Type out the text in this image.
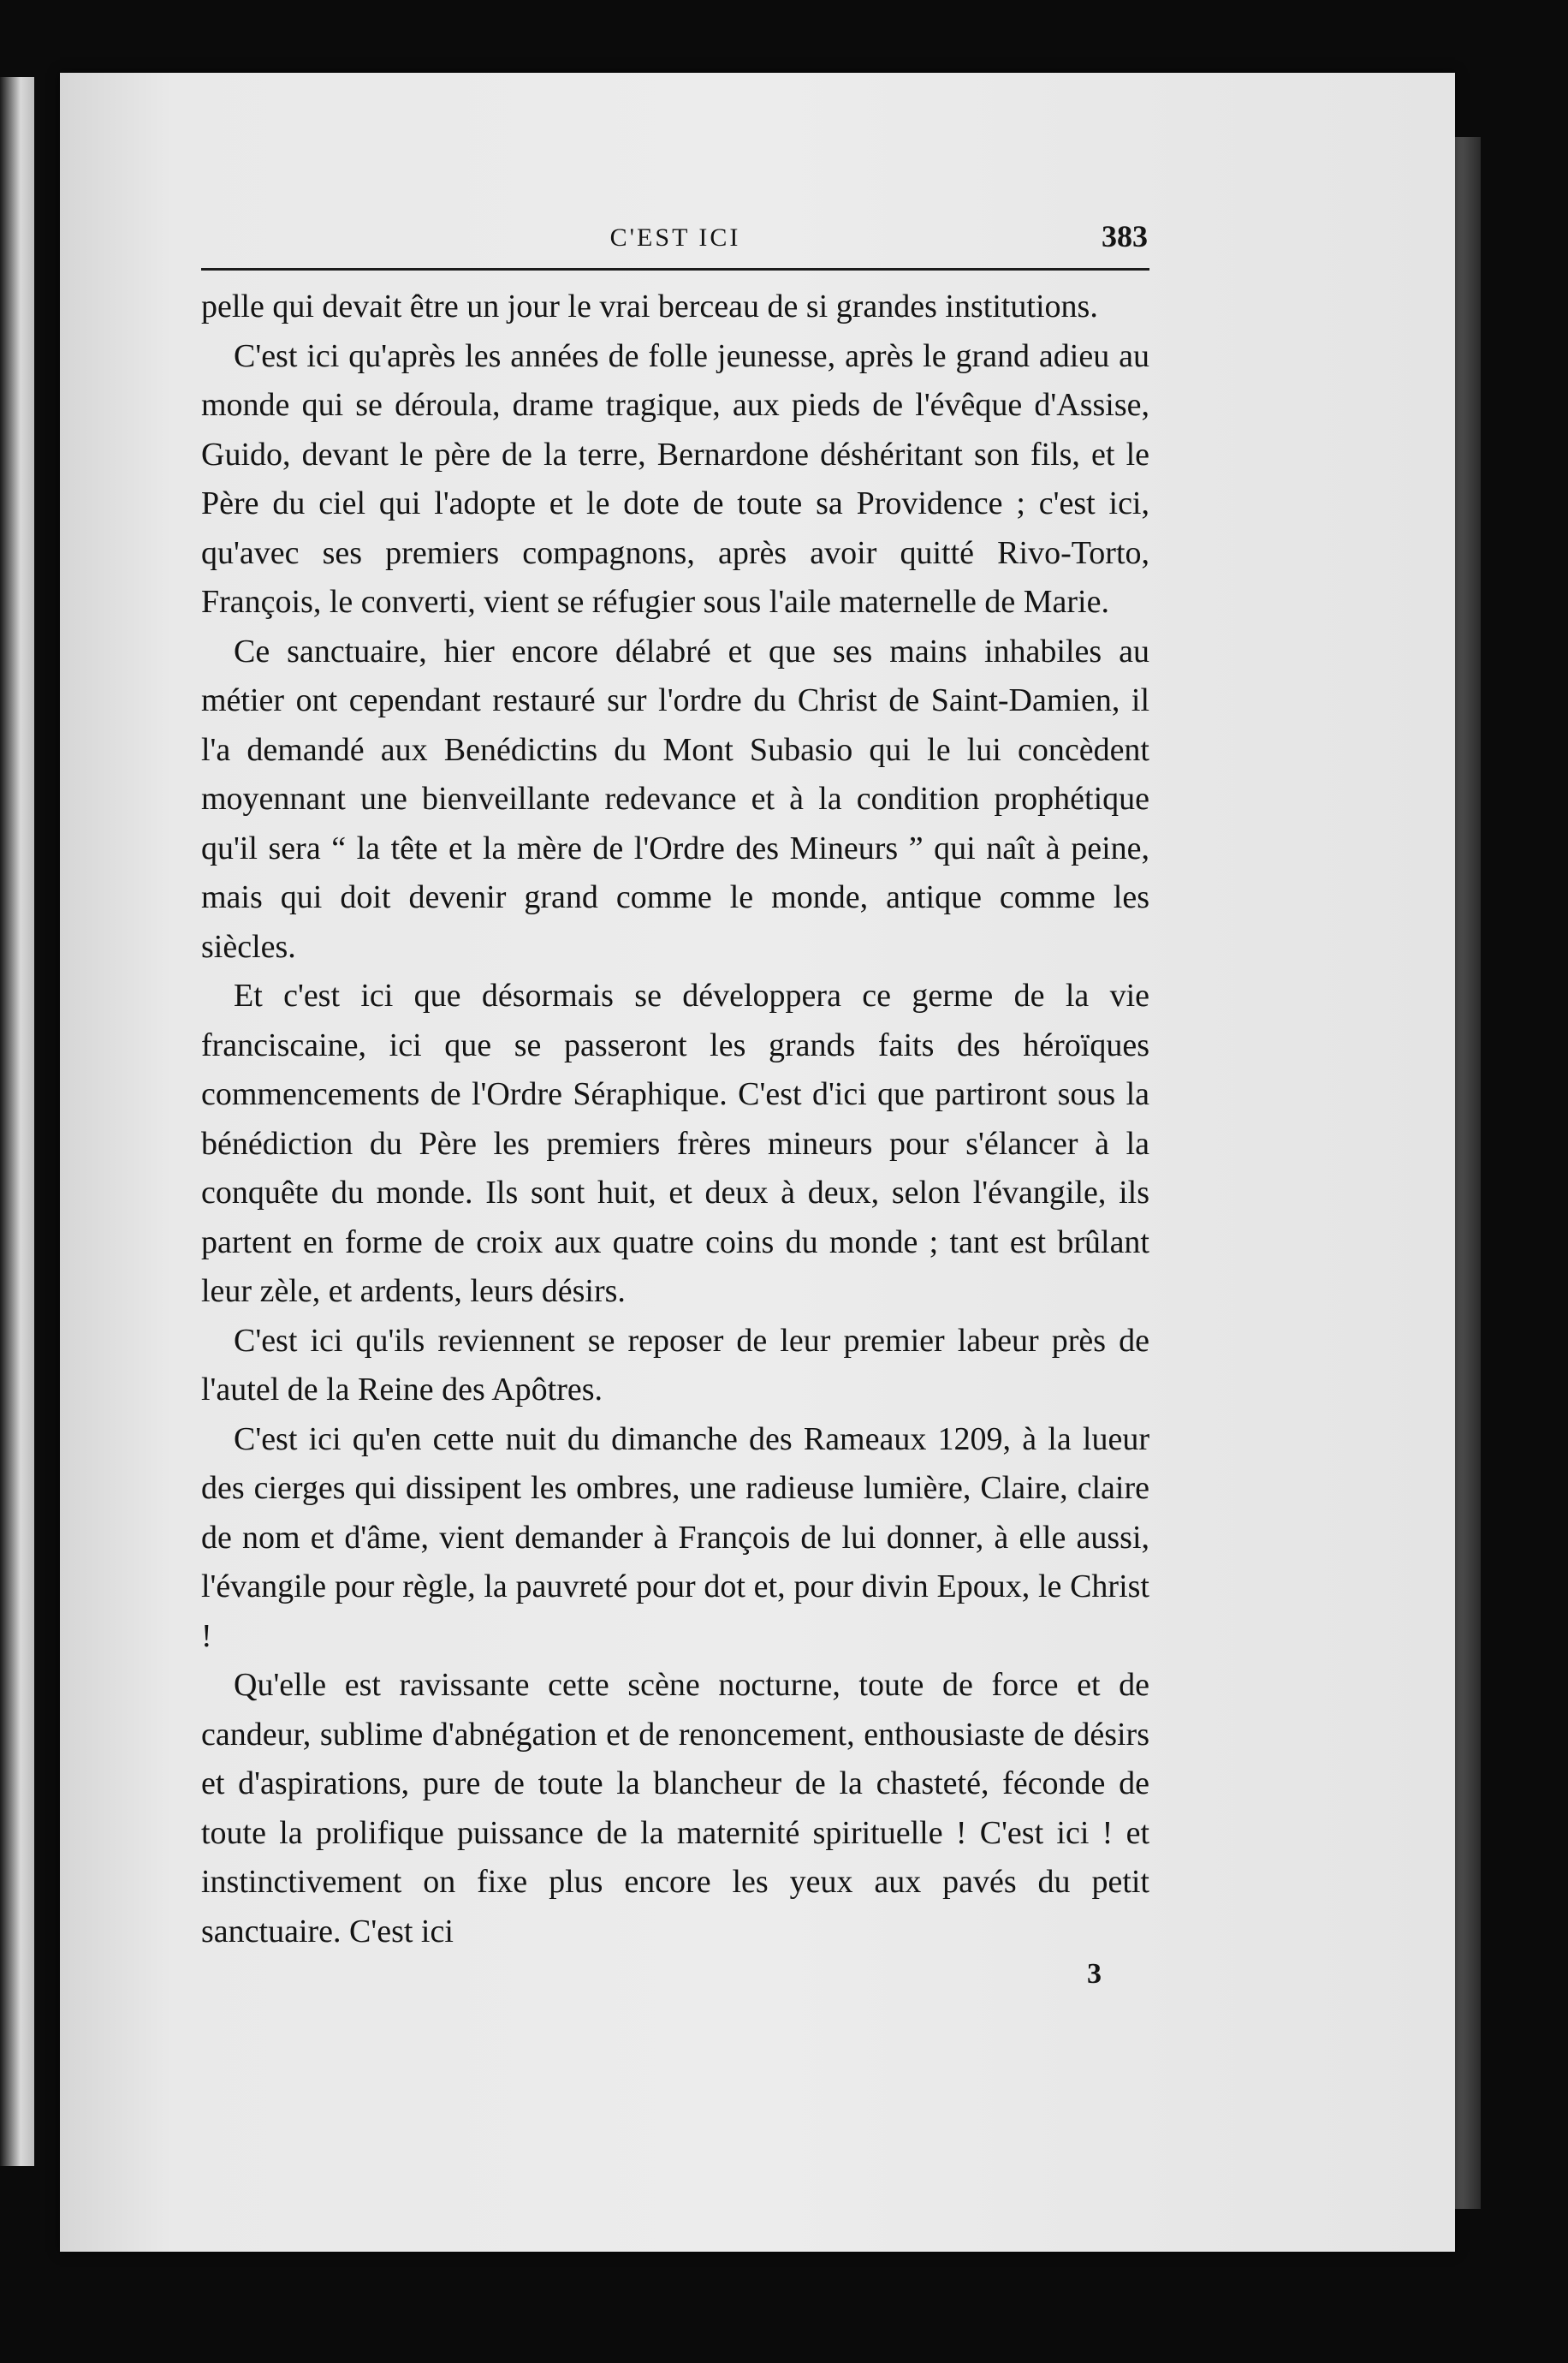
C'EST ICI	383

pelle qui devait être un jour le vrai berceau de si grandes institutions.

C'est ici qu'après les années de folle jeunesse, après le grand adieu au monde qui se déroula, drame tragique, aux pieds de l'évêque d'Assise, Guido, devant le père de la terre, Bernardone déshéritant son fils, et le Père du ciel qui l'adopte et le dote de toute sa Providence ; c'est ici, qu'avec ses premiers compagnons, après avoir quitté Rivo-Torto, François, le converti, vient se réfugier sous l'aile maternelle de Marie.

Ce sanctuaire, hier encore délabré et que ses mains inhabiles au métier ont cependant restauré sur l'ordre du Christ de Saint-Damien, il l'a demandé aux Benédictins du Mont Subasio qui le lui concèdent moyennant une bienveillante redevance et à la condition prophétique qu'il sera “ la tête et la mère de l'Ordre des Mineurs ” qui naît à peine, mais qui doit devenir grand comme le monde, antique comme les siècles.

Et c'est ici que désormais se développera ce germe de la vie franciscaine, ici que se passeront les grands faits des héroïques commencements de l'Ordre Séraphique. C'est d'ici que partiront sous la bénédiction du Père les premiers frères mineurs pour s'élancer à la conquête du monde. Ils sont huit, et deux à deux, selon l'évangile, ils partent en forme de croix aux quatre coins du monde ; tant est brûlant leur zèle, et ardents, leurs désirs.

C'est ici qu'ils reviennent se reposer de leur premier labeur près de l'autel de la Reine des Apôtres.

C'est ici qu'en cette nuit du dimanche des Rameaux 1209, à la lueur des cierges qui dissipent les ombres, une radieuse lumière, Claire, claire de nom et d'âme, vient demander à François de lui donner, à elle aussi, l'évangile pour règle, la pauvreté pour dot et, pour divin Epoux, le Christ !

Qu'elle est ravissante cette scène nocturne, toute de force et de candeur, sublime d'abnégation et de renoncement, enthousiaste de désirs et d'aspirations, pure de toute la blancheur de la chasteté, féconde de toute la prolifique puissance de la maternité spirituelle ! C'est ici ! et instinctivement on fixe plus encore les yeux aux pavés du petit sanctuaire. C'est ici

3
